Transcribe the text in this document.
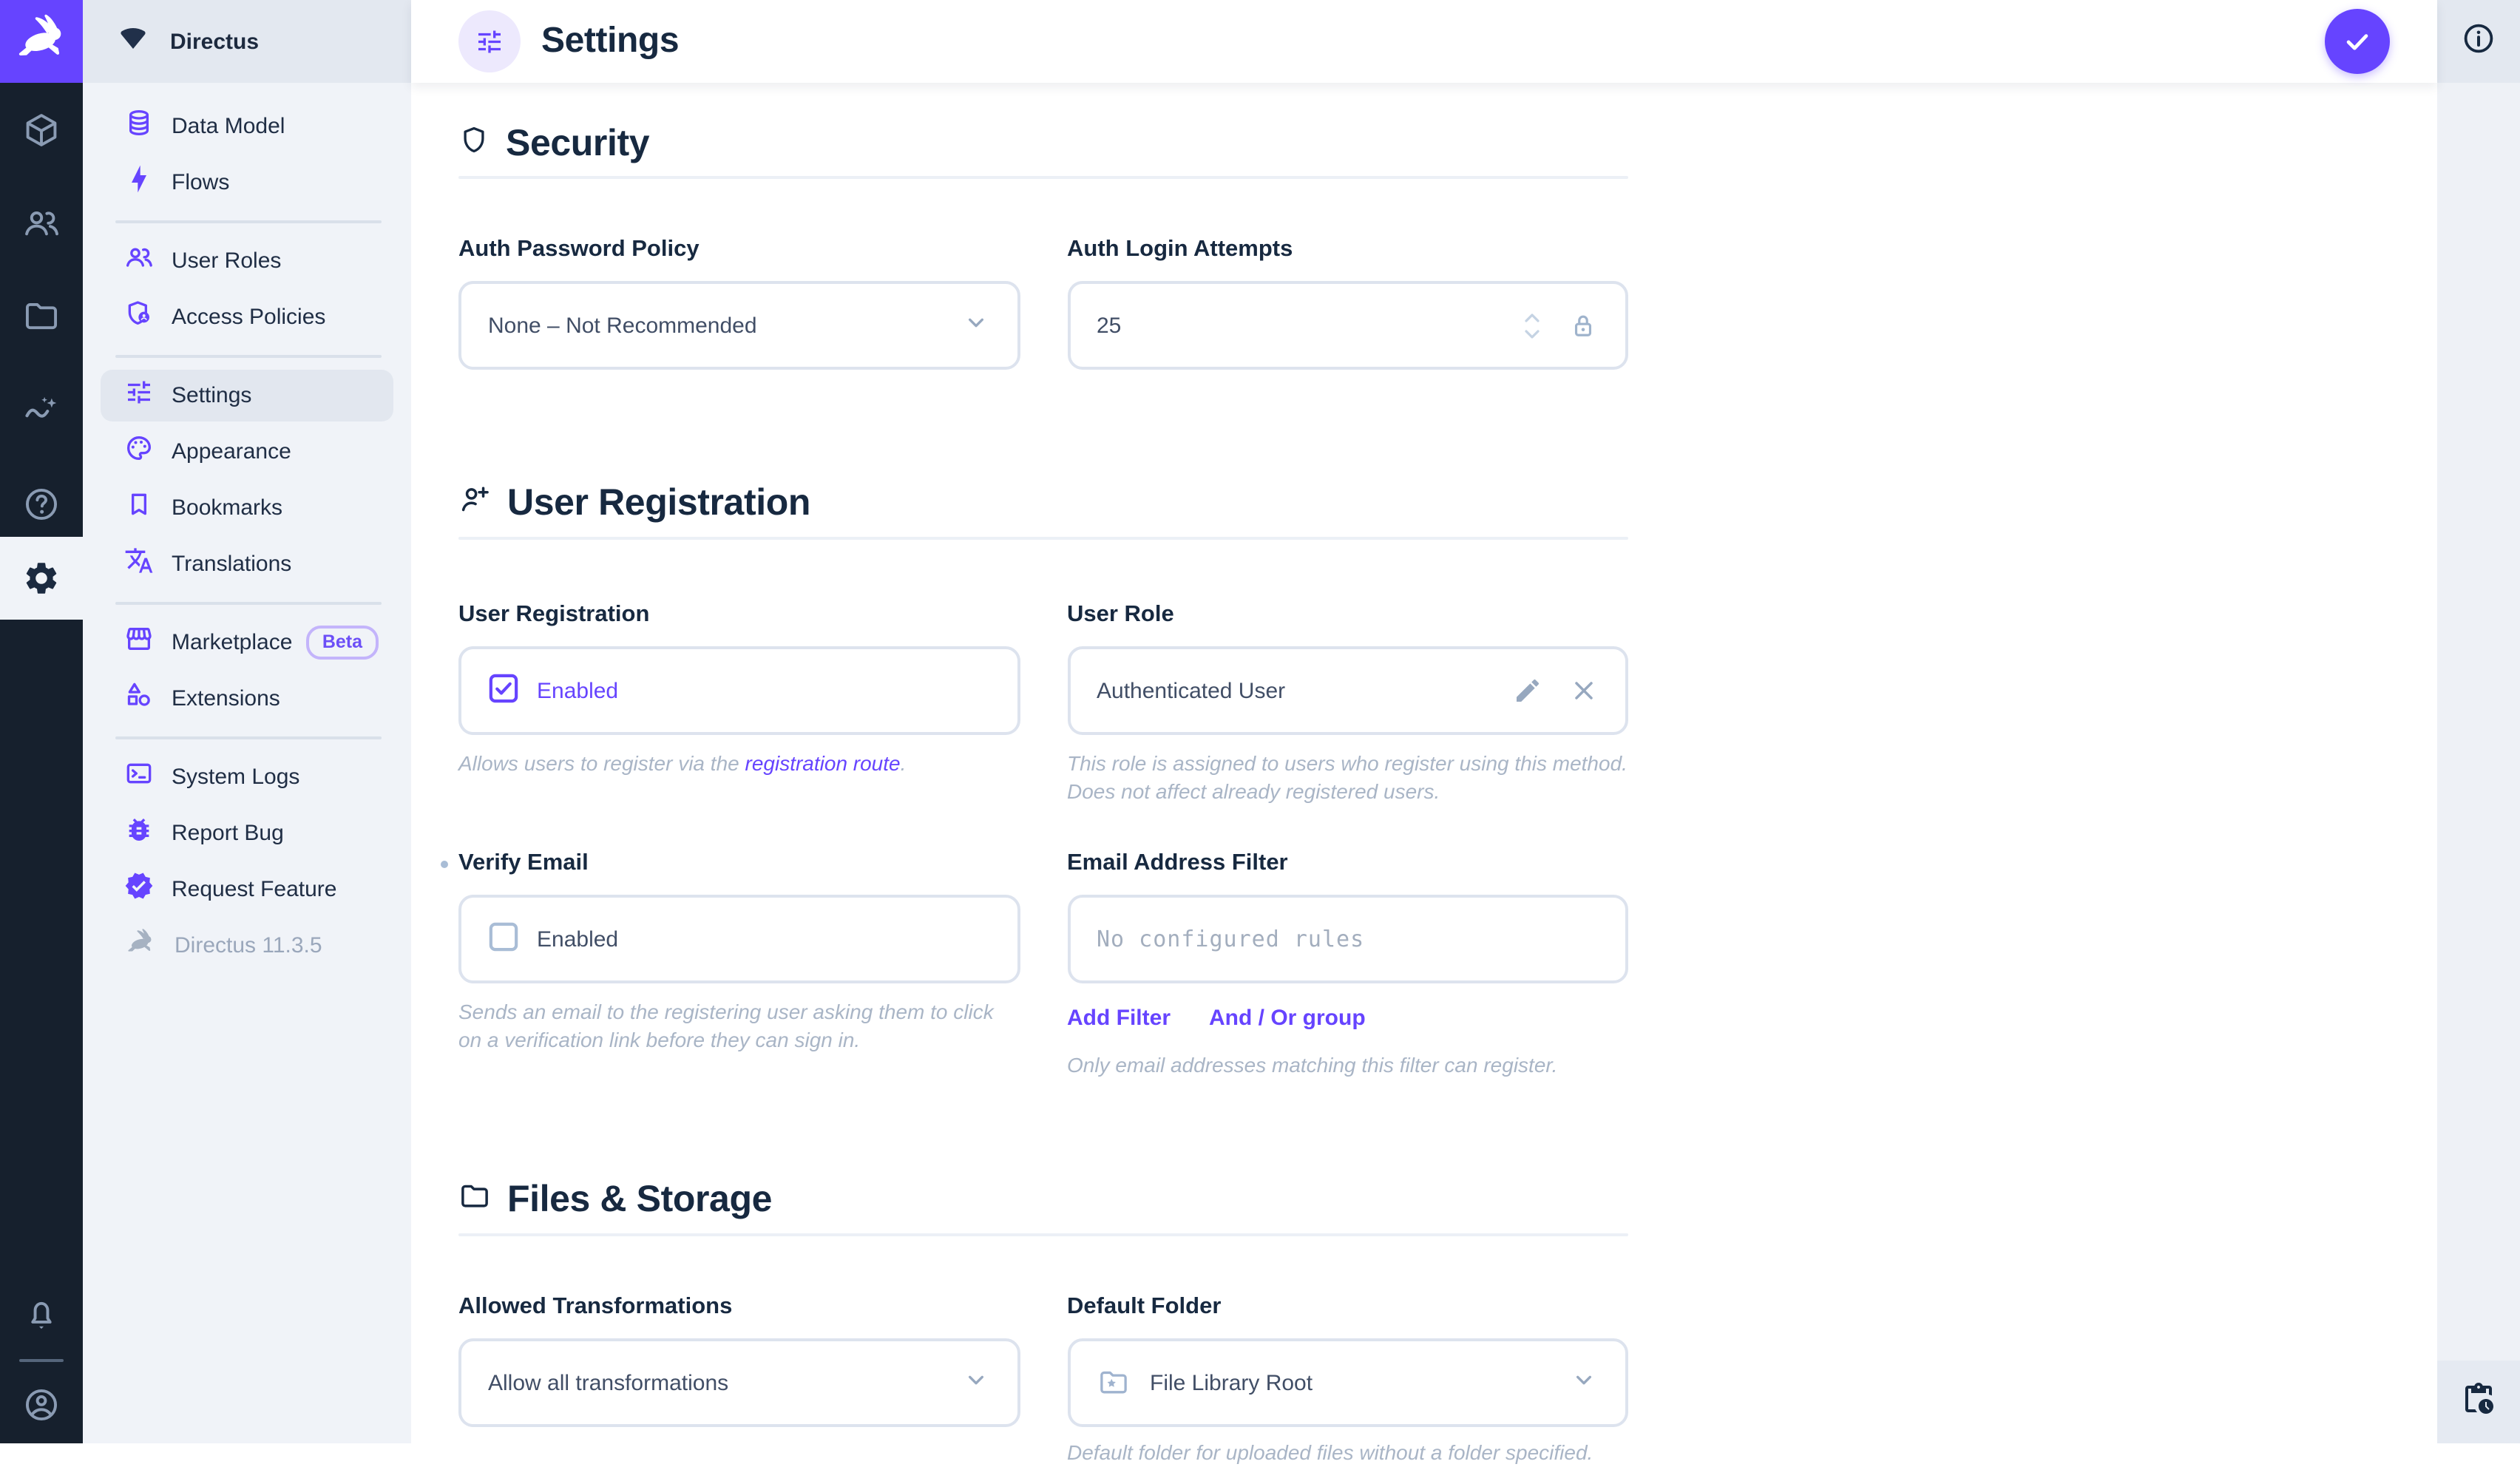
Directus
Data Model
Flows
User Roles
Access Policies
Settings
Appearance
Bookmarks
Translations
Marketplace	Beta
Extensions
System Logs
Report Bug
Request Feature
Directus 11.3.5
Settings
Security
Auth Password Policy
None – Not Recommended
Auth Login Attempts
25
User Registration
User Registration
Enabled
Allows users to register via the registration route.
User Role
Authenticated User
This role is assigned to users who register using this method. Does not affect already registered users.
Verify Email
Enabled
Sends an email to the registering user asking them to click on a verification link before they can sign in.
Email Address Filter
No configured rules
Add Filter	And / Or group
Only email addresses matching this filter can register.
Files & Storage
Allowed Transformations
Allow all transformations
Default Folder
File Library Root
Default folder for uploaded files without a folder specified.
